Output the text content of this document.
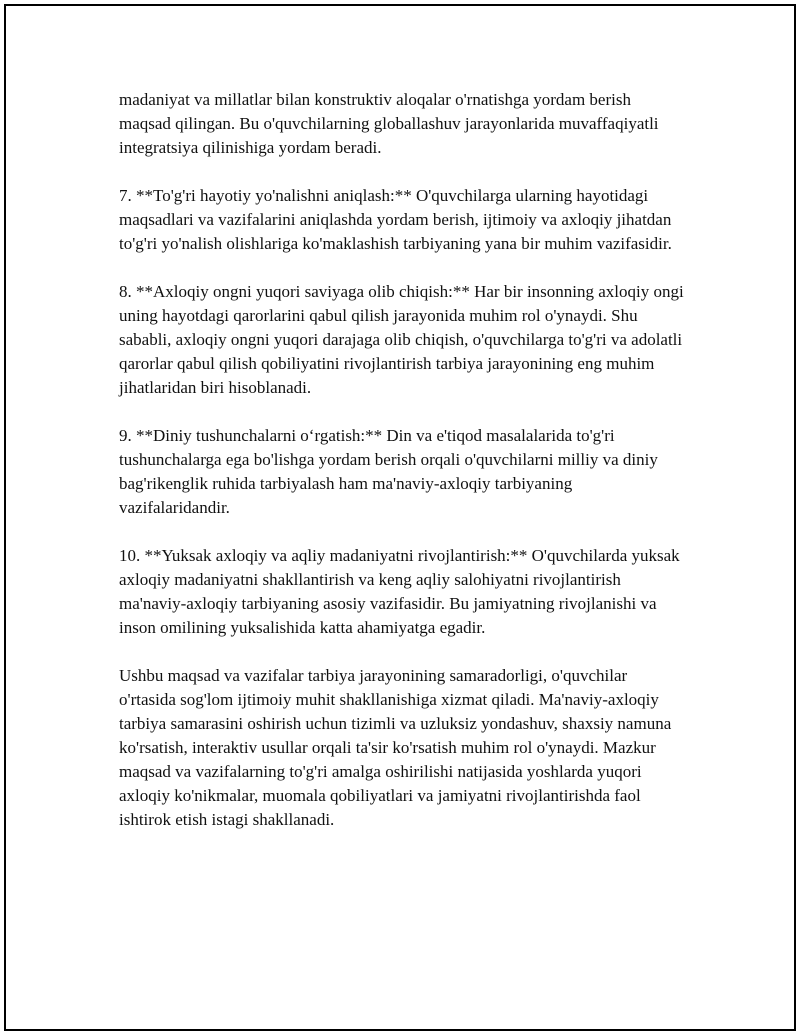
madaniyat va millatlar bilan konstruktiv aloqalar o'rnatishga yordam berish maqsad qilingan. Bu o'quvchilarning globallashuv jarayonlarida muvaffaqiyatli integratsiya qilinishiga yordam beradi.

7. **To'g'ri hayotiy yo'nalishni aniqlash:** O'quvchilarga ularning hayotidagi maqsadlari va vazifalarini aniqlashda yordam berish, ijtimoiy va axloqiy jihatdan to'g'ri yo'nalish olishlariga ko'maklashish tarbiyaning yana bir muhim vazifasidir.

8. **Axloqiy ongni yuqori saviyaga olib chiqish:** Har bir insonning axloqiy ongi uning hayotdagi qarorlarini qabul qilish jarayonida muhim rol o'ynaydi. Shu sababli, axloqiy ongni yuqori darajaga olib chiqish, o'quvchilarga to'g'ri va adolatli qarorlar qabul qilish qobiliyatini rivojlantirish tarbiya jarayonining eng muhim jihatlaridan biri hisoblanadi.

9. **Diniy tushunchalarni o‘rgatish:** Din va e'tiqod masalalarida to'g'ri tushunchalarga ega bo'lishga yordam berish orqali o'quvchilarni milliy va diniy bag'rikenglik ruhida tarbiyalash ham ma'naviy-axloqiy tarbiyaning vazifalaridandir.

10. **Yuksak axloqiy va aqliy madaniyatni rivojlantirish:** O'quvchilarda yuksak axloqiy madaniyatni shakllantirish va keng aqliy salohiyatni rivojlantirish ma'naviy-axloqiy tarbiyaning asosiy vazifasidir. Bu jamiyatning rivojlanishi va inson omilining yuksalishida katta ahamiyatga egadir.

Ushbu maqsad va vazifalar tarbiya jarayonining samaradorligi, o'quvchilar o'rtasida sog'lom ijtimoiy muhit shakllanishiga xizmat qiladi. Ma'naviy-axloqiy tarbiya samarasini oshirish uchun tizimli va uzluksiz yondashuv, shaxsiy namuna ko'rsatish, interaktiv usullar orqali ta'sir ko'rsatish muhim rol o'ynaydi. Mazkur maqsad va vazifalarning to'g'ri amalga oshirilishi natijasida yoshlarda yuqori axloqiy ko'nikmalar, muomala qobiliyatlari va jamiyatni rivojlantirishda faol ishtirok etish istagi shakllanadi.
